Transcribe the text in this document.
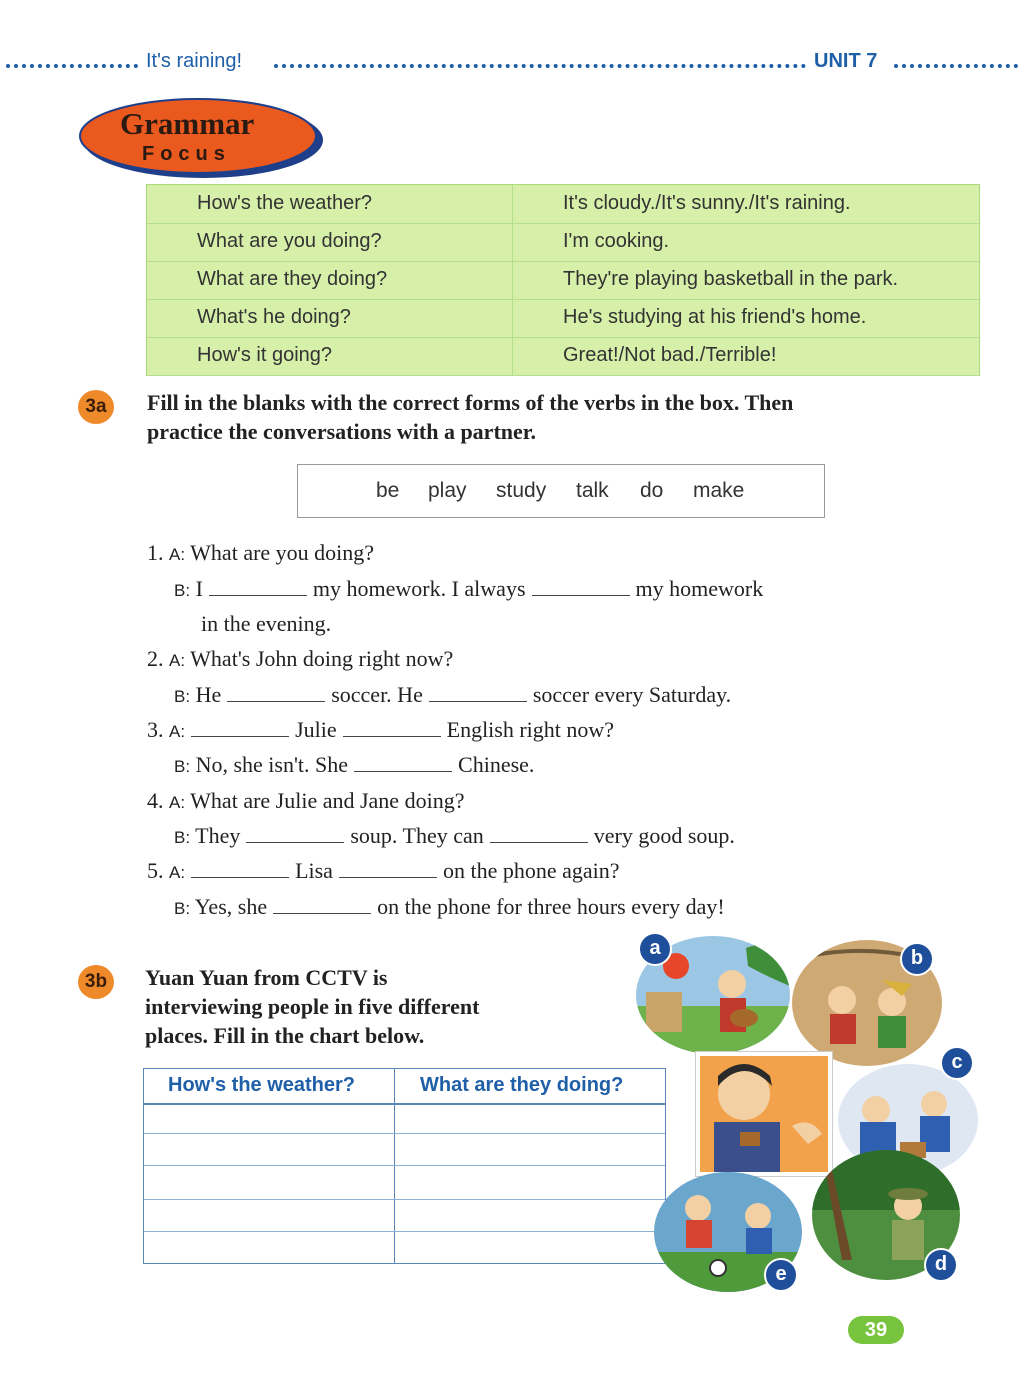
It's raining!	UNIT 7
Grammar
Focus
How's the weather?	It's cloudy./It's sunny./It's raining.
What are you doing?	I'm cooking.
What are they doing?	They're playing basketball in the park.
What's he doing?	He's studying at his friend's home.
How's it going?	Great!/Not bad./Terrible!
3a	Fill in the blanks with the correct forms of the verbs in the box. Then
practice the conversations with a partner.
be play study talk do make
1. A: What are you doing?
B: I	my homework. I always	my homework
in the evening.
2. A: What's John doing right now?
B: He	soccer. He	soccer every Saturday.
3. A:	Julie	English right now?
B: No, she isn't. She	Chinese.
4. A: What are Julie and Jane doing?
B: They	soup. They can	very good soup.
5. A:	Lisa	on the phone again?
B: Yes, she	on the phone for three hours every day!
3b	Yuan Yuan from CCTV is
interviewing people in five different
places. Fill in the chart below.
How's the weather?	What are they doing?
a	b
c
d
e
39
